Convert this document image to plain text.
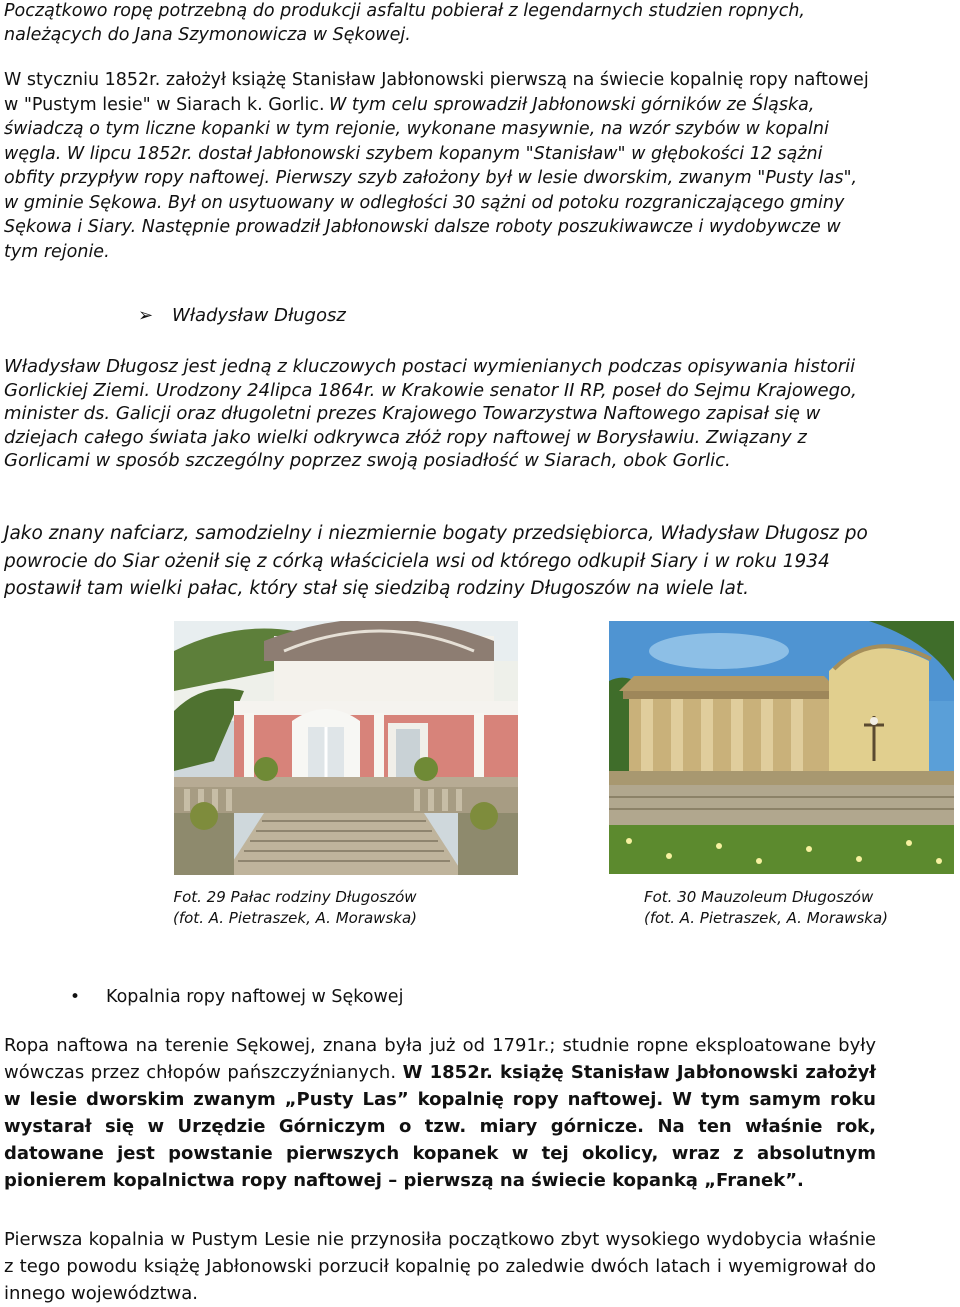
Początkowo ropę potrzebną do produkcji asfaltu pobierał z legendarnych studzien ropnych, należących do Jana Szymonowicza w Sękowej.
W styczniu 1852r. założył książę Stanisław Jabłonowski pierwszą na świecie kopalnię ropy naftowej w "Pustym lesie" w Siarach k. Gorlic. W tym celu sprowadził Jabłonowski górników ze Śląska, świadczą o tym liczne kopanki w tym rejonie, wykonane masywnie, na wzór szybów w kopalni węgla. W lipcu 1852r. dostał Jabłonowski szybem kopanym "Stanisław" w głębokości 12 sążni obfity przypływ ropy naftowej. Pierwszy szyb założony był w lesie dworskim, zwanym "Pusty las", w gminie Sękowa. Był on usytuowany w odległości 30 sążni od potoku rozgraniczającego gminy Sękowa i Siary. Następnie prowadził Jabłonowski dalsze roboty poszukiwawcze i wydobywcze w tym rejonie.
➢ Władysław Długosz
Władysław Długosz jest jedną z kluczowych postaci wymienianych podczas opisywania historii Gorlickiej Ziemi. Urodzony 24lipca 1864r. w Krakowie senator II RP, poseł do Sejmu Krajowego, minister ds. Galicji oraz długoletni prezes Krajowego Towarzystwa Naftowego zapisał się w dziejach całego świata jako wielki odkrywca złóż ropy naftowej w Borysławiu. Związany z Gorlicami w sposób szczególny poprzez swoją posiadłość w Siarach, obok Gorlic.
Jako znany nafciarz, samodzielny i niezmiernie bogaty przedsiębiorca, Władysław Długosz po powrocie do Siar ożenił się z córką właściciela wsi od którego odkupił Siary i w roku 1934 postawił tam wielki pałac, który stał się siedzibą rodziny Długoszów na wiele lat.
Fot. 29 Pałac rodziny Długoszów (fot. A. Pietraszek, A. Morawska)
Fot. 30 Mauzoleum Długoszów (fot. A. Pietraszek, A. Morawska)
• Kopalnia ropy naftowej w Sękowej
Ropa naftowa na terenie Sękowej, znana była już od 1791r.; studnie ropne eksploatowane były wówczas przez chłopów pańszczyźnianych. W 1852r. książę Stanisław Jabłonowski założył w lesie dworskim zwanym „Pusty Las” kopalnię ropy naftowej. W tym samym roku wystarał się w Urzędzie Górniczym o tzw. miary górnicze. Na ten właśnie rok, datowane jest powstanie pierwszych kopanek w tej okolicy, wraz z absolutnym pionierem kopalnictwa ropy naftowej – pierwszą na świecie kopanką „Franek”.
Pierwsza kopalnia w Pustym Lesie nie przynosiła początkowo zbyt wysokiego wydobycia właśnie z tego powodu książę Jabłonowski porzucił kopalnię po zaledwie dwóch latach i wyemigrował do innego województwa.
